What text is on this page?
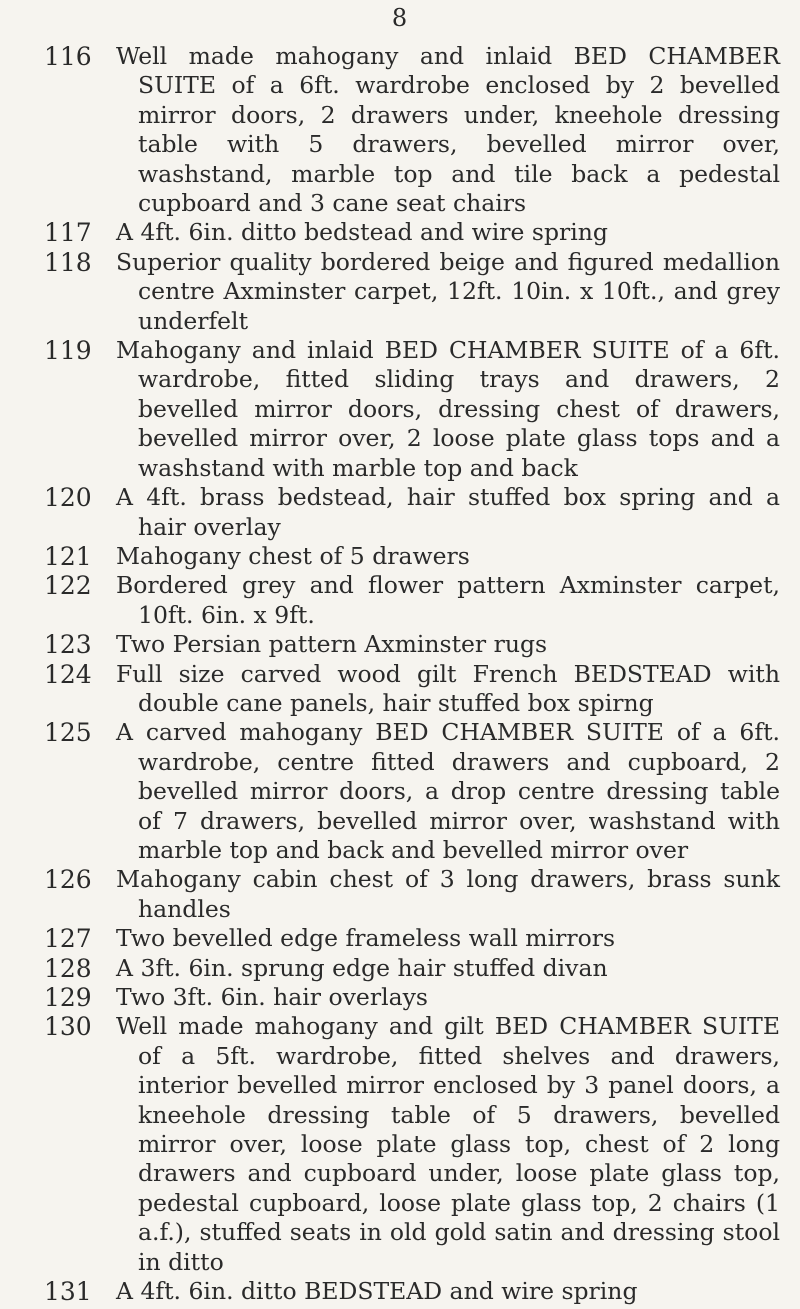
8
116	Well made mahogany and inlaid BED CHAMBER SUITE of a 6ft. wardrobe enclosed by 2 bevelled mirror doors, 2 drawers under, kneehole dressing table with 5 drawers, bevelled mirror over, washstand, marble top and tile back a pedestal cupboard and 3 cane seat chairs
117	A 4ft. 6in. ditto bedstead and wire spring
118	Superior quality bordered beige and figured medallion centre Axminster carpet, 12ft. 10in. x 10ft., and grey underfelt
119	Mahogany and inlaid BED CHAMBER SUITE of a 6ft. wardrobe, fitted sliding trays and drawers, 2 bevelled mirror doors, dressing chest of drawers, bevelled mirror over, 2 loose plate glass tops and a washstand with marble top and back
120	A 4ft. brass bedstead, hair stuffed box spring and a hair overlay
121	Mahogany chest of 5 drawers
122	Bordered grey and flower pattern Axminster carpet, 10ft. 6in. x 9ft.
123	Two Persian pattern Axminster rugs
124	Full size carved wood gilt French BEDSTEAD with double cane panels, hair stuffed box spirng
125	A carved mahogany BED CHAMBER SUITE of a 6ft. wardrobe, centre fitted drawers and cupboard, 2 bevelled mirror doors, a drop centre dressing table of 7 drawers, bevelled mirror over, washstand with marble top and back and bevelled mirror over
126	Mahogany cabin chest of 3 long drawers, brass sunk handles
127	Two bevelled edge frameless wall mirrors
128	A 3ft. 6in. sprung edge hair stuffed divan
129	Two 3ft. 6in. hair overlays
130	Well made mahogany and gilt BED CHAMBER SUITE of a 5ft. wardrobe, fitted shelves and drawers, interior bevelled mirror enclosed by 3 panel doors, a kneehole dressing table of 5 drawers, bevelled mirror over, loose plate glass top, chest of 2 long drawers and cupboard under, loose plate glass top, pedestal cupboard, loose plate glass top, 2 chairs (1 a.f.), stuffed seats in old gold satin and dressing stool in ditto
131	A 4ft. 6in. ditto BEDSTEAD and wire spring
